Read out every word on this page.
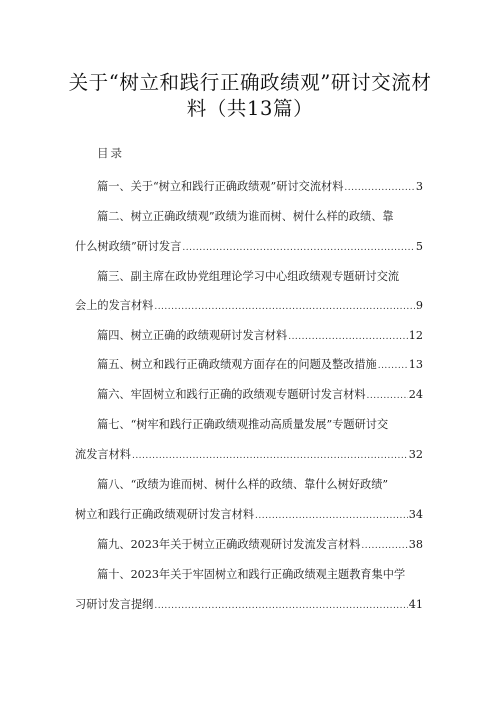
关于“树立和践行正确政绩观”研讨交流材
料（共13篇）
目录
篇一、关于“树立和践行正确政绩观”研讨交流材料 .....	3
篇二、树立正确政绩观”政绩为谁而树、树什么样的政绩、靠
什么树政绩”研讨发言 .....	5
篇三、副主席在政协党组理论学习中心组政绩观专题研讨交流
会上的发言材料 .....	9
篇四、树立正确的政绩观研讨发言材料 .....	12
篇五、树立和践行正确政绩观方面存在的问题及整改措施 .....	13
篇六、牢固树立和践行正确的政绩观专题研讨发言材料 .....	24
篇七、“树牢和践行正确政绩观推动高质量发展”专题研讨交
流发言材料 .....	32
篇八、“政绩为谁而树、树什么样的政绩、靠什么树好政绩”
树立和践行正确政绩观研讨发言材料 .....	34
篇九、2023年关于树立正确政绩观研讨发流发言材料 .....	38
篇十、2023年关于牢固树立和践行正确政绩观主题教育集中学
习研讨发言提纲 .....	41
